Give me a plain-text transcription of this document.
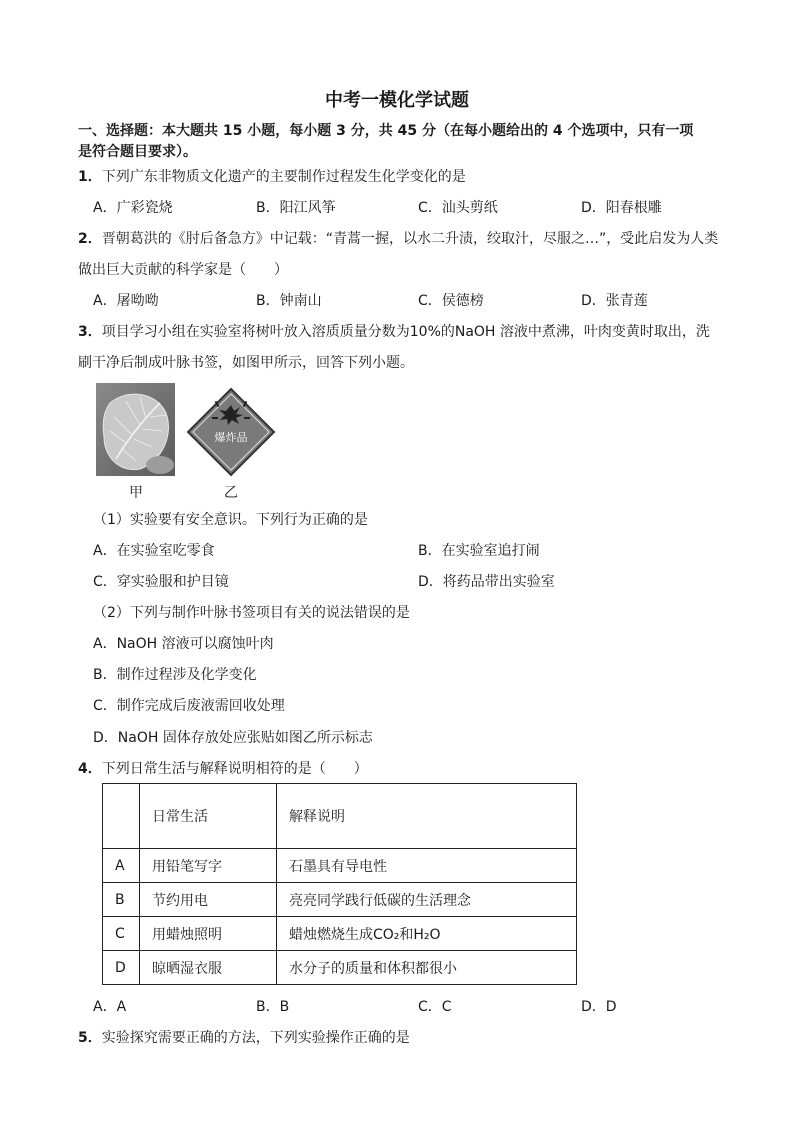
中考一模化学试题
一、选择题：本大题共 15 小题，每小题 3 分，共 45 分（在每小题给出的 4 个选项中，只有一项
是符合题目要求）。
1．下列广东非物质文化遗产的主要制作过程发生化学变化的是
A．广彩瓷烧	B．阳江风筝	C．汕头剪纸	D．阳春根雕
2．晋朝葛洪的《肘后备急方》中记载：“青蒿一握，以水二升渍，绞取汁，尽服之…”，受此启发为人类
做出巨大贡献的科学家是（　　）
A．屠呦呦	B．钟南山	C．侯德榜	D．张青莲
3．项目学习小组在实验室将树叶放入溶质质量分数为10%的NaOH 溶液中煮沸，叶肉变黄时取出，洗
刷干净后制成叶脉书签，如图甲所示，回答下列小题。
爆炸品
甲	乙
（1）实验要有安全意识。下列行为正确的是
A．在实验室吃零食	B．在实验室追打闹
C．穿实验服和护目镜	D．将药品带出实验室
（2）下列与制作叶脉书签项目有关的说法错误的是
A．NaOH 溶液可以腐蚀叶肉
B．制作过程涉及化学变化
C．制作完成后废液需回收处理
D．NaOH 固体存放处应张贴如图乙所示标志
4．下列日常生活与解释说明相符的是（　　）
	日常生活	解释说明
A	用铅笔写字	石墨具有导电性
B	节约用电	亮亮同学践行低碳的生活理念
C	用蜡烛照明	蜡烛燃烧生成CO₂和H₂O
D	晾晒湿衣服	水分子的质量和体积都很小
A．A	B．B	C．C	D．D
5．实验探究需要正确的方法，下列实验操作正确的是
